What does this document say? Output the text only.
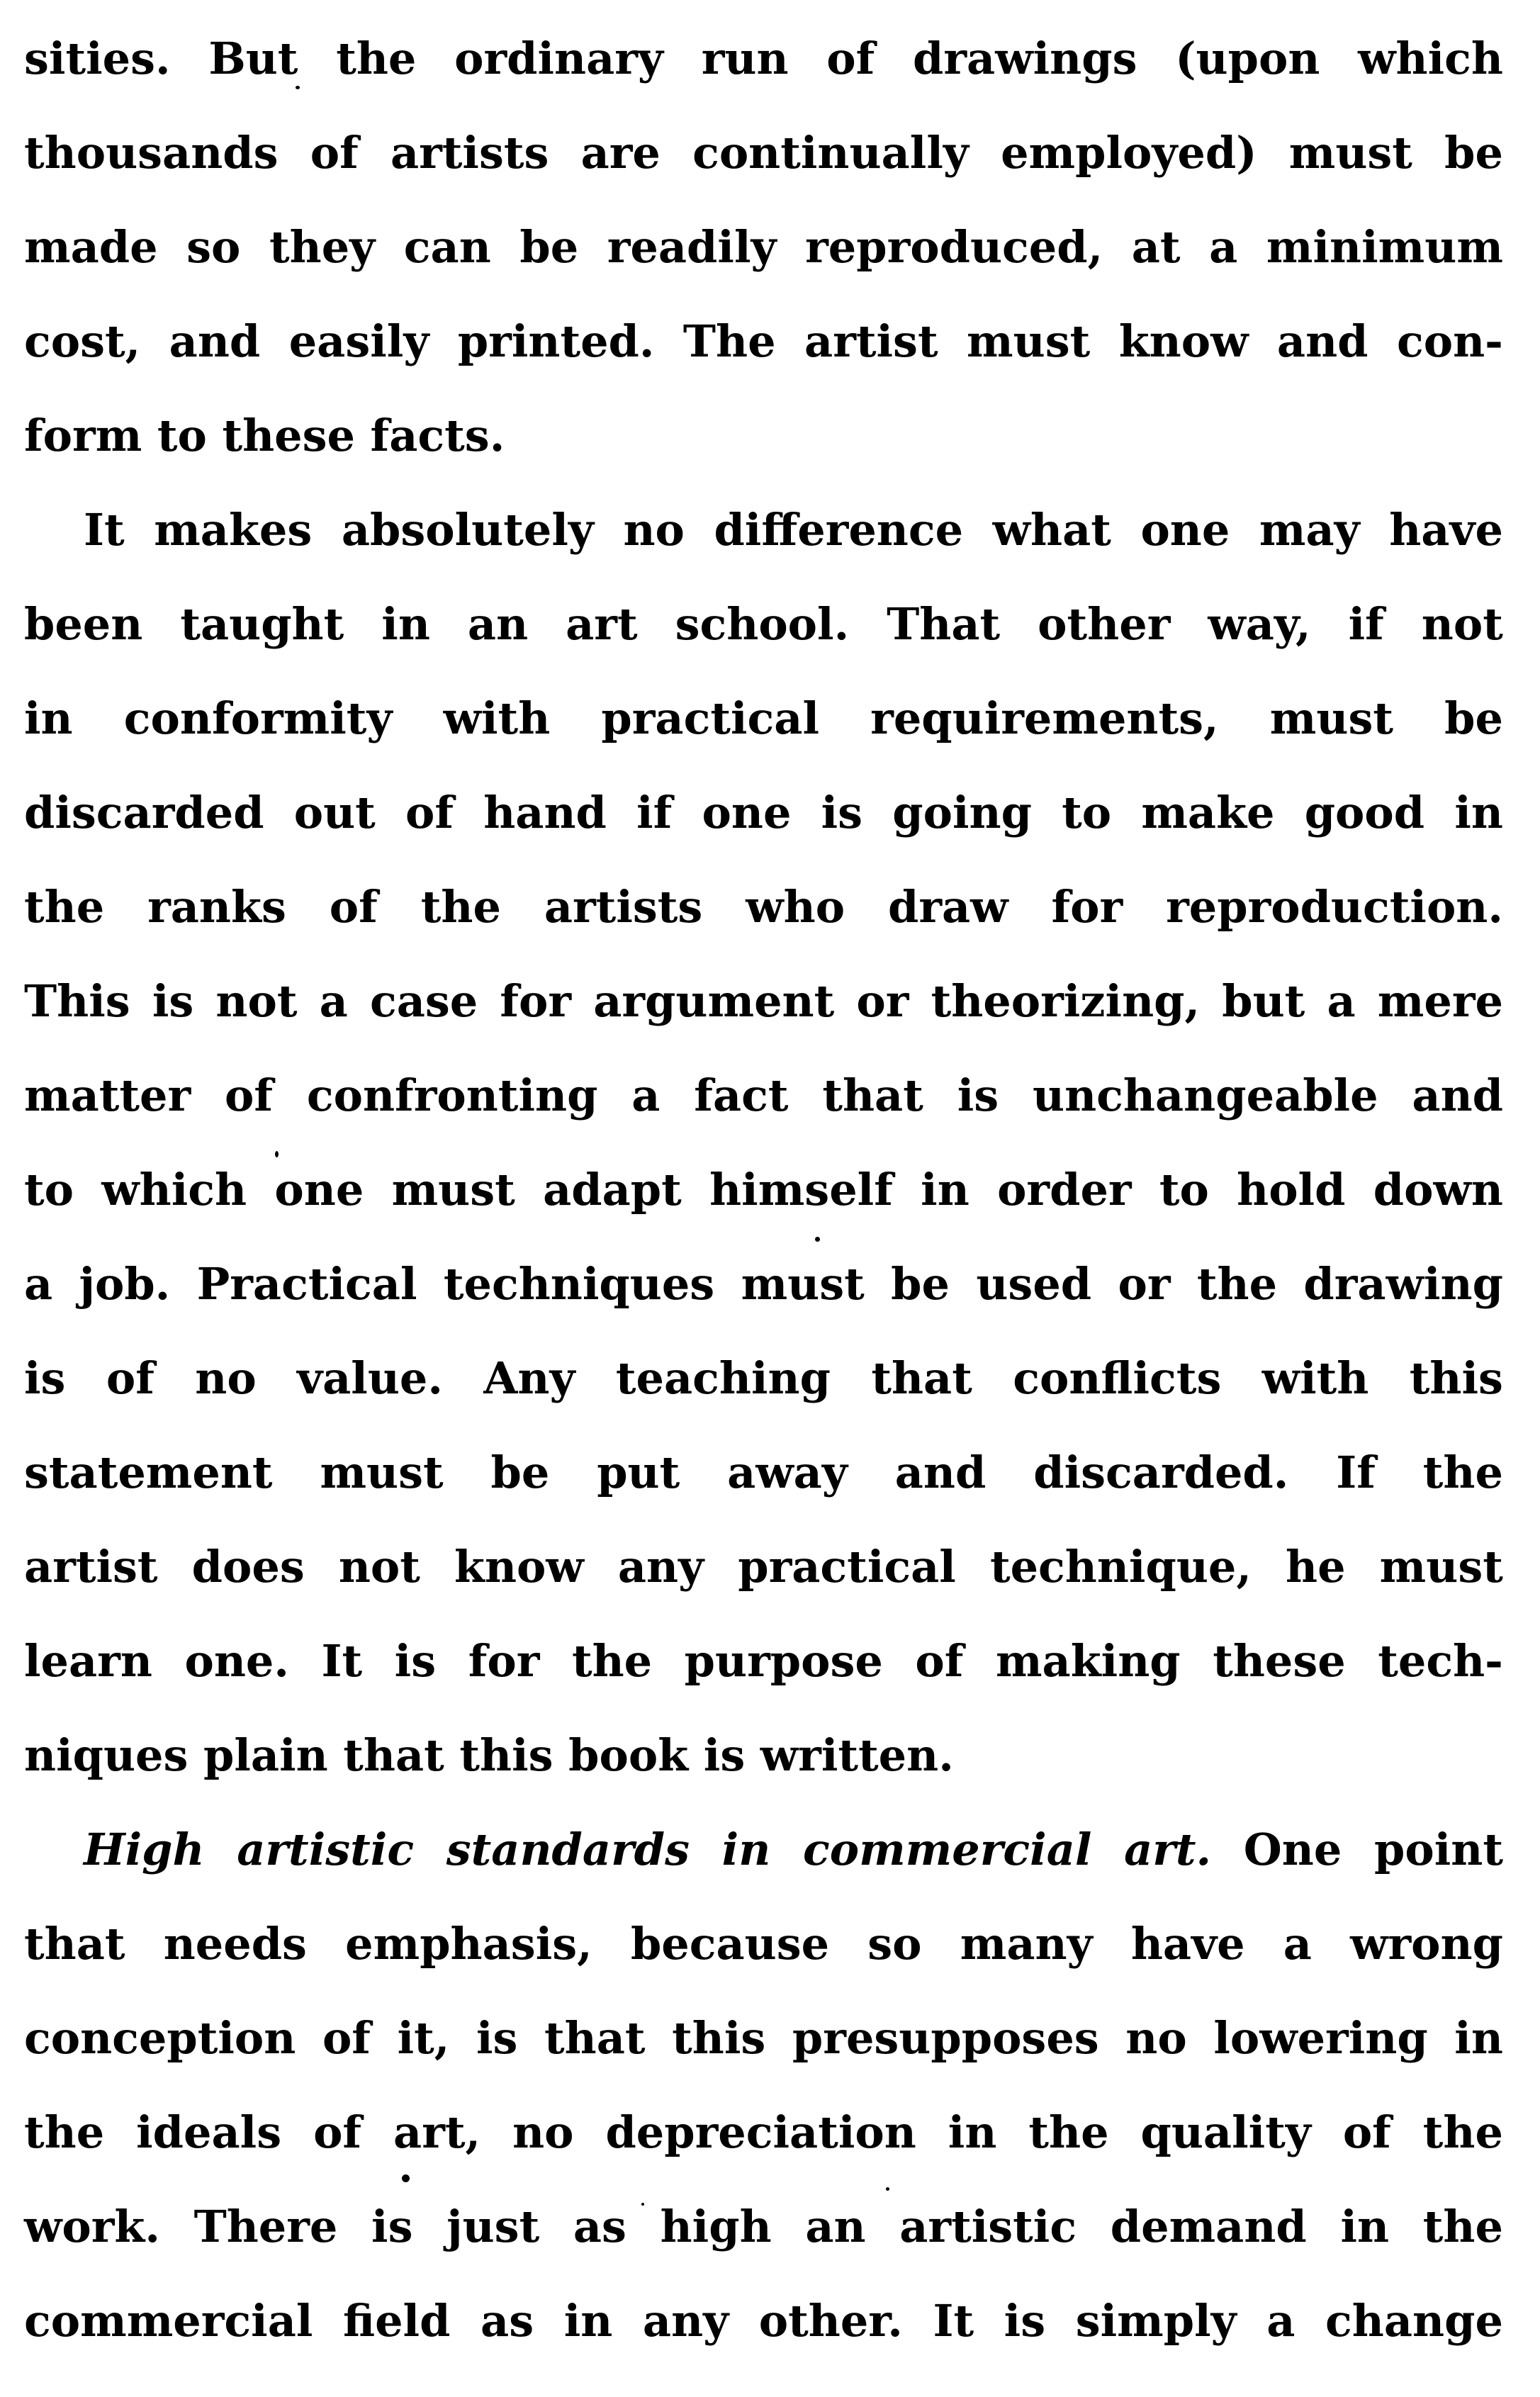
sities. But the ordinary run of drawings (upon which
thousands of artists are continually employed) must be
made so they can be readily reproduced, at a minimum
cost, and easily printed. The artist must know and con-
form to these facts.
It makes absolutely no difference what one may have
been taught in an art school. That other way, if not
in conformity with practical requirements, must be
discarded out of hand if one is going to make good in
the ranks of the artists who draw for reproduction.
This is not a case for argument or theorizing, but a mere
matter of confronting a fact that is unchangeable and
to which one must adapt himself in order to hold down
a job. Practical techniques must be used or the drawing
is of no value. Any teaching that conflicts with this
statement must be put away and discarded. If the
artist does not know any practical technique, he must
learn one. It is for the purpose of making these tech-
niques plain that this book is written.
High artistic standards in commercial art. One point
that needs emphasis, because so many have a wrong
conception of it, is that this presupposes no lowering in
the ideals of art, no depreciation in the quality of the
work. There is just as high an artistic demand in the
commercial field as in any other. It is simply a change
